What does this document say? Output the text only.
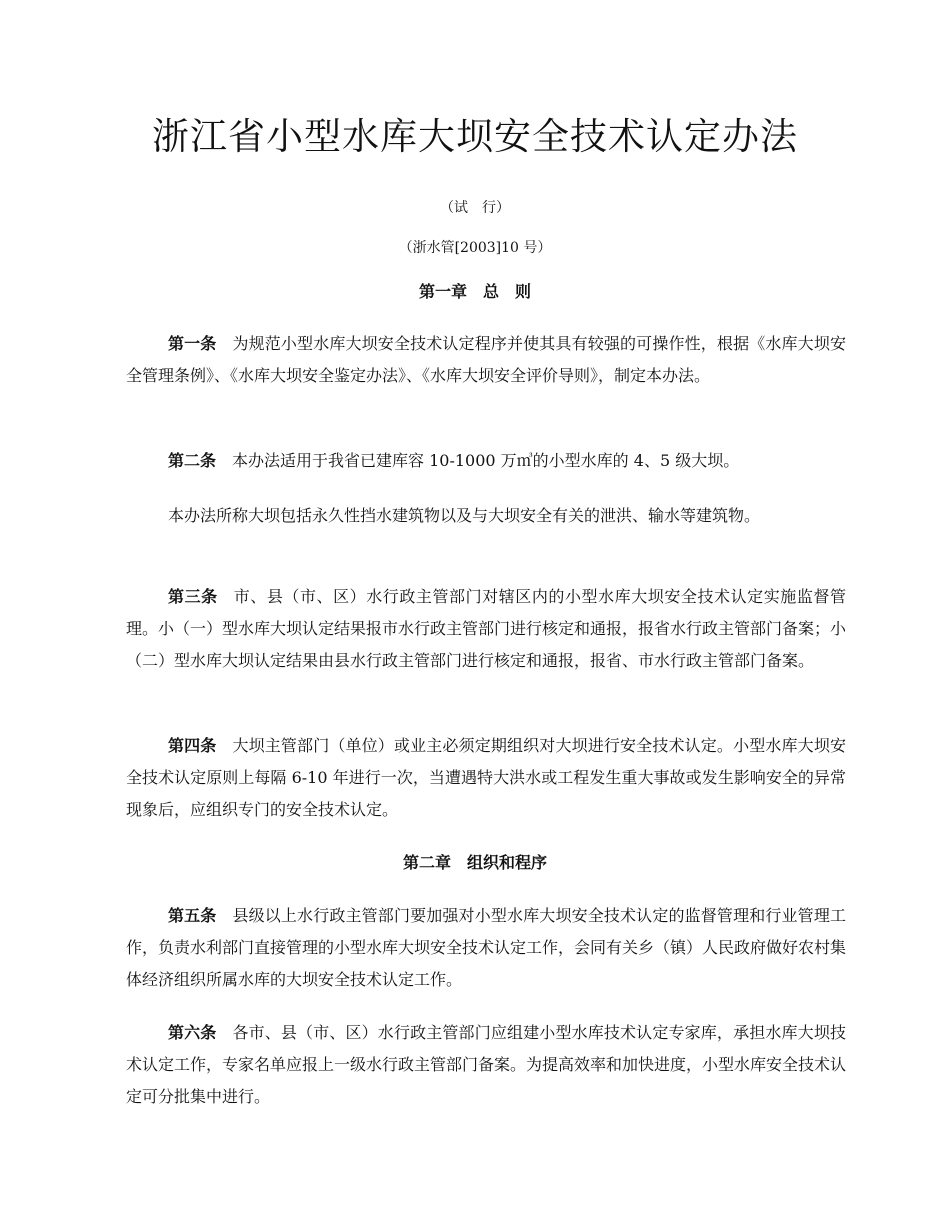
浙江省小型水库大坝安全技术认定办法
（试　行）
（浙水管[2003]10 号）
第一章　总　则
第一条 为规范小型水库大坝安全技术认定程序并使其具有较强的可操作性，根据《水库大坝安全管理条例》、《水库大坝安全鉴定办法》、《水库大坝安全评价导则》，制定本办法。
第二条 本办法适用于我省已建库容 10-1000 万㎥的小型水库的 4、5 级大坝。
本办法所称大坝包括永久性挡水建筑物以及与大坝安全有关的泄洪、输水等建筑物。
第三条 市、县（市、区）水行政主管部门对辖区内的小型水库大坝安全技术认定实施监督管理。小（一）型水库大坝认定结果报市水行政主管部门进行核定和通报，报省水行政主管部门备案；小（二）型水库大坝认定结果由县水行政主管部门进行核定和通报，报省、市水行政主管部门备案。
第四条 大坝主管部门（单位）或业主必须定期组织对大坝进行安全技术认定。小型水库大坝安全技术认定原则上每隔 6-10 年进行一次，当遭遇特大洪水或工程发生重大事故或发生影响安全的异常现象后，应组织专门的安全技术认定。
第二章　组织和程序
第五条 县级以上水行政主管部门要加强对小型水库大坝安全技术认定的监督管理和行业管理工作，负责水利部门直接管理的小型水库大坝安全技术认定工作，会同有关乡（镇）人民政府做好农村集体经济组织所属水库的大坝安全技术认定工作。
第六条 各市、县（市、区）水行政主管部门应组建小型水库技术认定专家库，承担水库大坝技术认定工作，专家名单应报上一级水行政主管部门备案。为提高效率和加快进度，小型水库安全技术认定可分批集中进行。
